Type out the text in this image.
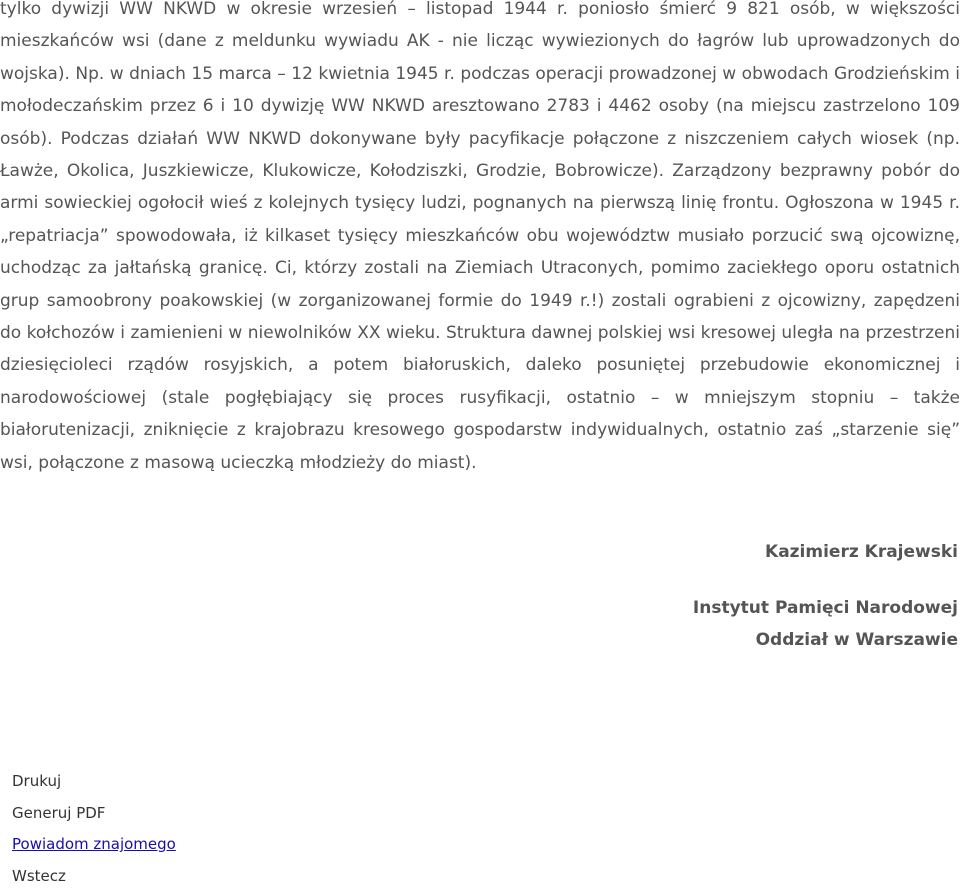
tylko dywizji WW NKWD w okresie wrzesień – listopad 1944 r. poniosło śmierć 9 821 osób, w większości mieszkańców wsi (dane z meldunku wywiadu AK - nie licząc wywiezionych do łagrów lub uprowadzonych do wojska). Np. w dniach 15 marca – 12 kwietnia 1945 r. podczas operacji prowadzonej w obwodach Grodzieńskim i mołodeczańskim przez 6 i 10 dywizję WW NKWD aresztowano 2783 i 4462 osoby (na miejscu zastrzelono 109 osób). Podczas działań WW NKWD dokonywane były pacyfikacje połączone z niszczeniem całych wiosek (np. Ławże, Okolica, Juszkiewicze, Klukowicze, Kołodziszki, Grodzie, Bobrowicze). Zarządzony bezprawny pobór do armi sowieckiej ogołocił wieś z kolejnych tysięcy ludzi, pognanych na pierwszą linię frontu. Ogłoszona w 1945 r. „repatriacja” spowodowała, iż kilkaset tysięcy mieszkańców obu województw musiało porzucić swą ojcowiznę, uchodząc za jałtańską granicę. Ci, którzy zostali na Ziemiach Utraconych, pomimo zaciekłego oporu ostatnich grup samoobrony poakowskiej (w zorganizowanej formie do 1949 r.!) zostali ograbieni z ojcowizny, zapędzeni do kołchozów i zamienieni w niewolników XX wieku. Struktura dawnej polskiej wsi kresowej uległa na przestrzeni dziesięcioleci rządów rosyjskich, a potem białoruskich, daleko posuniętej przebudowie ekonomicznej i narodowościowej (stale pogłębiający się proces rusyfikacji, ostatnio – w mniejszym stopniu – także białorutenizacji, zniknięcie z krajobrazu kresowego gospodarstw indywidualnych, ostatnio zaś „starzenie się” wsi, połączone z masową ucieczką młodzieży do miast).

Kazimierz Krajewski

Instytut Pamięci Narodowej

Oddział w Warszawie

Drukuj
Generuj PDF
Powiadom znajomego
Wstecz
